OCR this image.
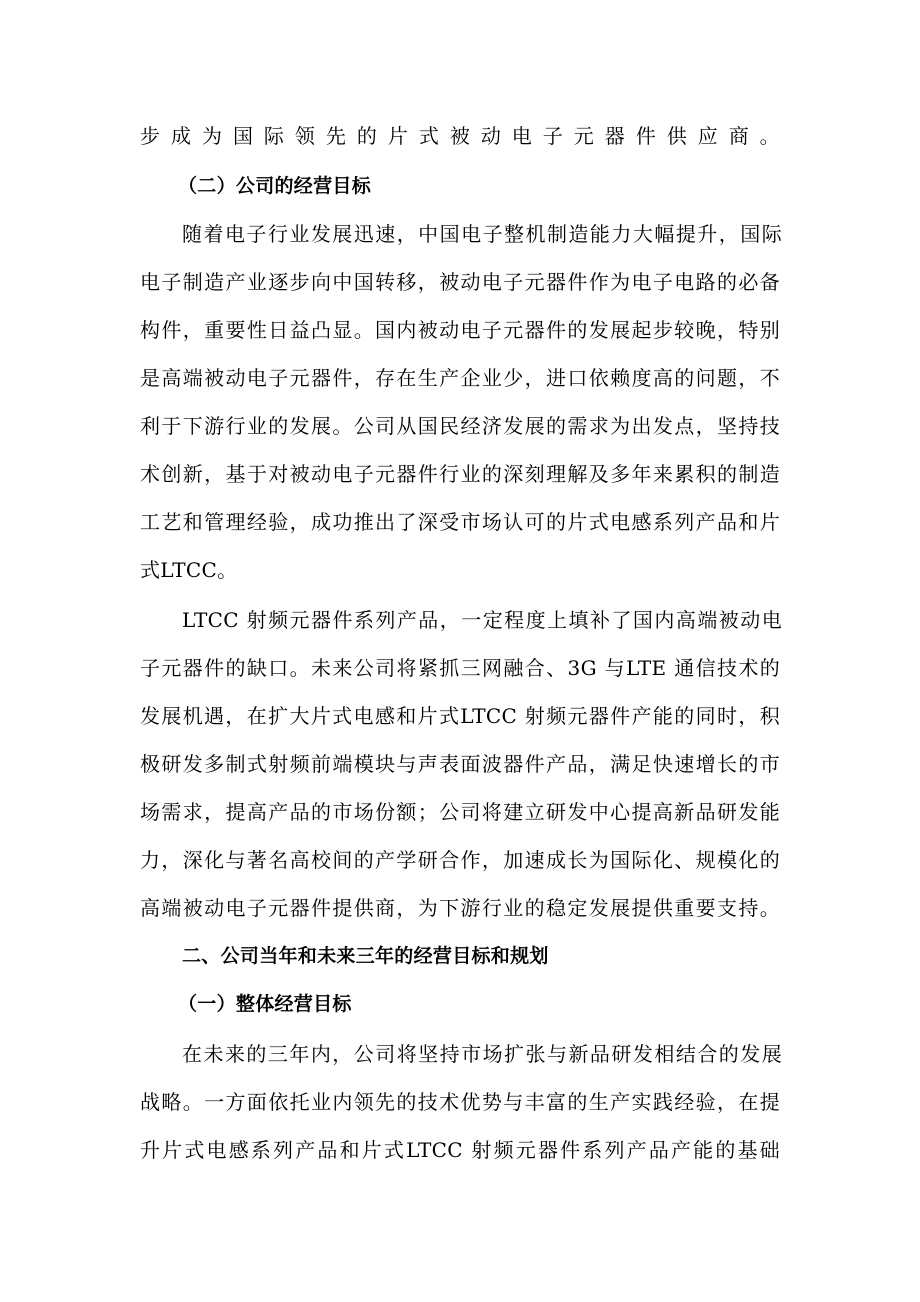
步成为国际领先的片式被动电子元器件供应商。
（二）公司的经营目标
随着电子行业发展迅速，中国电子整机制造能力大幅提升，国际
电子制造产业逐步向中国转移，被动电子元器件作为电子电路的必备
构件，重要性日益凸显。国内被动电子元器件的发展起步较晚，特别
是高端被动电子元器件，存在生产企业少，进口依赖度高的问题，不
利于下游行业的发展。公司从国民经济发展的需求为出发点，坚持技
术创新，基于对被动电子元器件行业的深刻理解及多年来累积的制造
工艺和管理经验，成功推出了深受市场认可的片式电感系列产品和片
式LTCC。
LTCC 射频元器件系列产品，一定程度上填补了国内高端被动电
子元器件的缺口。未来公司将紧抓三网融合、3G 与LTE 通信技术的
发展机遇，在扩大片式电感和片式LTCC 射频元器件产能的同时，积
极研发多制式射频前端模块与声表面波器件产品，满足快速增长的市
场需求，提高产品的市场份额；公司将建立研发中心提高新品研发能
力，深化与著名高校间的产学研合作，加速成长为国际化、规模化的
高端被动电子元器件提供商，为下游行业的稳定发展提供重要支持。
二、公司当年和未来三年的经营目标和规划
（一）整体经营目标
在未来的三年内，公司将坚持市场扩张与新品研发相结合的发展
战略。一方面依托业内领先的技术优势与丰富的生产实践经验，在提
升片式电感系列产品和片式LTCC 射频元器件系列产品产能的基础
